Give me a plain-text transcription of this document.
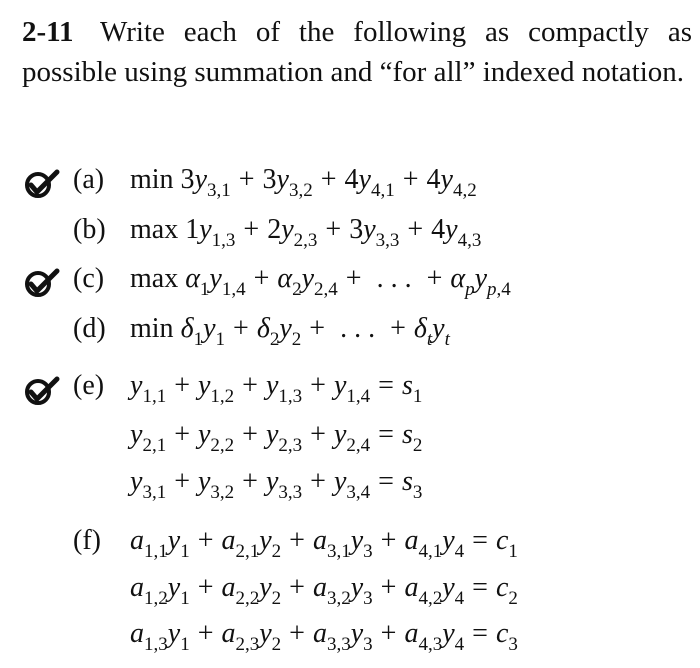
2-11 Write each of the following as compactly as possible using summation and “for all” indexed notation.
(a) $\min 3y_{3,1} + 3y_{3,2} + 4y_{4,1} + 4y_{4,2}$
(b) $\max 1y_{1,3} + 2y_{2,3} + 3y_{3,3} + 4y_{4,3}$
(c) $\max \alpha_1y_{1,4} + \alpha_2y_{2,4}$ + . . . + $\alpha_py_{p,4}$
(d) $\min \delta_1y_1 + \delta_2y_2$ + . . . + $\delta_ty_t$
(e) $y_{1,1} + y_{1,2} + y_{1,3} + y_{1,4} = s_1$
$y_{2,1} + y_{2,2} + y_{2,3} + y_{2,4} = s_2$
$y_{3,1} + y_{3,2} + y_{3,3} + y_{3,4} = s_3$
(f) $a_{1,1}y_1 + a_{2,1}y_2 + a_{3,1}y_3 + a_{4,1}y_4 = c_1$
$a_{1,2}y_1 + a_{2,2}y_2 + a_{3,2}y_3 + a_{4,2}y_4 = c_2$
$a_{1,3}y_1 + a_{2,3}y_2 + a_{3,3}y_3 + a_{4,3}y_4 = c_3$
